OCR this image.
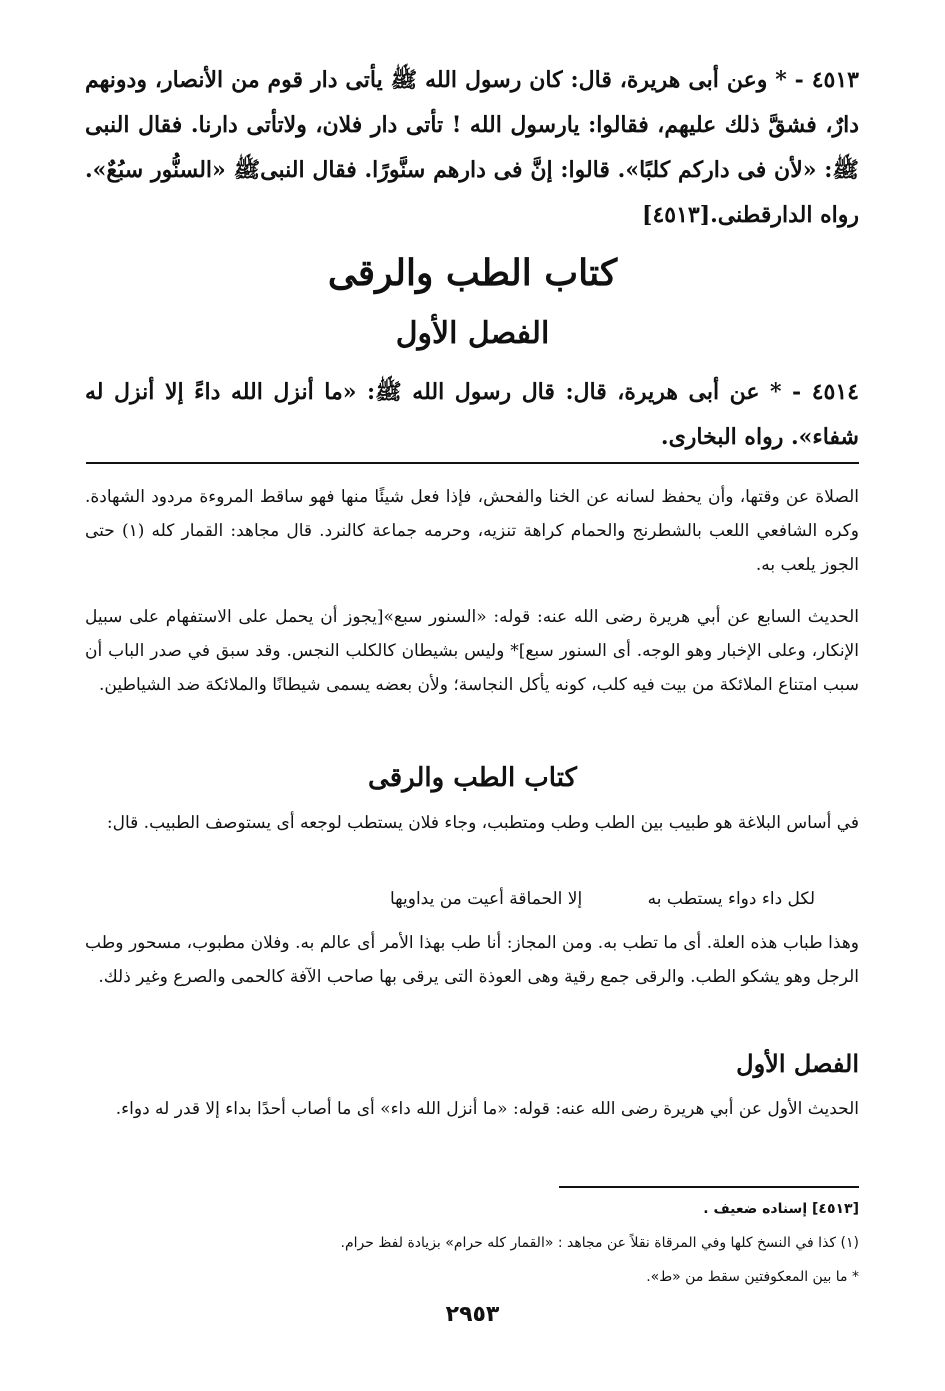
٤٥١٣ - * وعن أبى هريرة، قال: كان رسول الله ﷺ يأتى دار قوم من الأنصار، ودونهم دارٌ، فشقَّ ذلك عليهم، فقالوا: يارسول الله ! تأتى دار فلان، ولاتأتى دارنا. فقال النبى ﷺ: «لأن فى داركم كلبًا». قالوا: إنَّ فى دارهم سنَّورًا. فقال النبىﷺ «السنُّور سبُعٌ». رواه الدارقطنى.[٤٥١٣]

كتاب الطب والرقى
الفصل الأول

٤٥١٤ - * عن أبى هريرة، قال: قال رسول الله ﷺ: «ما أنزل الله داءً إلا أنزل له شفاء». رواه البخارى.

الصلاة عن وقتها، وأن يحفظ لسانه عن الخنا والفحش، فإذا فعل شيئًا منها فهو ساقط المروءة مردود الشهادة. وكره الشافعي اللعب بالشطرنج والحمام كراهة تنزيه، وحرمه جماعة كالنرد. قال مجاهد: القمار كله (١) حتى الجوز يلعب به.

الحديث السابع عن أبي هريرة رضى الله عنه: قوله: «السنور سبع»[يجوز أن يحمل على الاستفهام على سبيل الإنكار، وعلى الإخبار وهو الوجه. أى السنور سبع]* وليس بشيطان كالكلب النجس. وقد سبق في صدر الباب أن سبب امتناع الملائكة من بيت فيه كلب، كونه يأكل النجاسة؛ ولأن بعضه يسمى شيطانًا والملائكة ضد الشياطين.

كتاب الطب والرقى

في أساس البلاغة هو طبيب بين الطب وطب ومتطبب، وجاء فلان يستطب لوجعه أى يستوصف الطبيب. قال:

لكل داء دواء يستطب به إلا الحماقة أعيت من يداويها

وهذا طباب هذه العلة. أى ما تطب به. ومن المجاز: أنا طب بهذا الأمر أى عالم به. وفلان مطبوب، مسحور وطب الرجل وهو يشكو الطب. والرقى جمع رقية وهى العوذة التى يرقى بها صاحب الآفة كالحمى والصرع وغير ذلك.

الفصل الأول

الحديث الأول عن أبي هريرة رضى الله عنه: قوله: «ما أنزل الله داء» أى ما أصاب أحدًا بداء إلا قدر له دواء.

[٤٥١٣] إسناده ضعيف .
(١) كذا في النسخ كلها وفي المرقاة نقلاً عن مجاهد : «القمار كله حرام» بزيادة لفظ حرام.
* ما بين المعكوفتين سقط من «ط».
٢٩٥٣
